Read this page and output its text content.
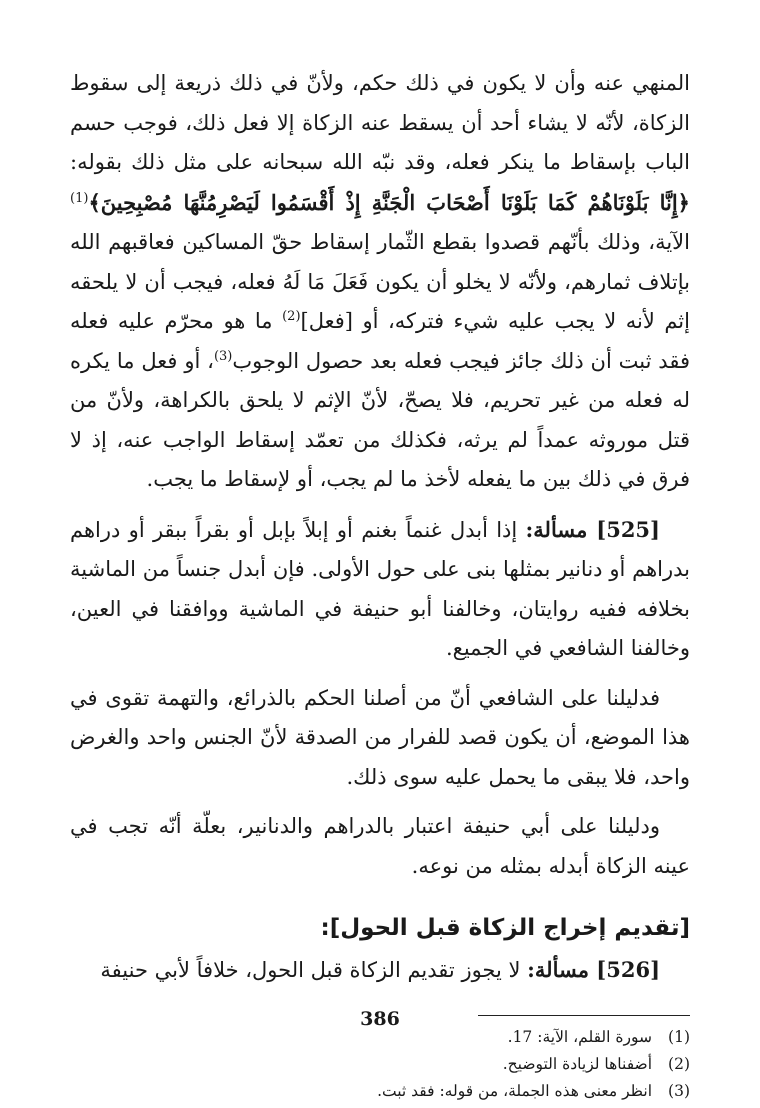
المنهي عنه وأن لا يكون في ذلك حكم، ولأنّ في ذلك ذريعة إلى سقوط الزكاة، لأنّه لا يشاء أحد أن يسقط عنه الزكاة إلا فعل ذلك، فوجب حسم الباب بإسقاط ما ينكر فعله، وقد نبّه الله سبحانه على مثل ذلك بقوله: ﴿إِنَّا بَلَوْنَاهُمْ كَمَا بَلَوْنَا أَصْحَابَ الْجَنَّةِ إِذْ أَقْسَمُوا لَيَصْرِمُنَّهَا مُصْبِحِينَ﴾$^{(1)}$ الآية، وذلك بأنّهم قصدوا بقطع الثّمار إسقاط حقّ المساكين فعاقبهم الله بإتلاف ثمارهم، ولأنّه لا يخلو أن يكون فَعَلَ مَا لَهُ فعله، فيجب أن لا يلحقه إثم لأنه لا يجب عليه شيء فتركه، أو [فعل]$^{(2)}$ ما هو محرّم عليه فعله فقد ثبت أن ذلك جائز فيجب فعله بعد حصول الوجوب$^{(3)}$، أو فعل ما يكره له فعله من غير تحريم، فلا يصحّ، لأنّ الإثم لا يلحق بالكراهة، ولأنّ من قتل موروثه عمداً لم يرثه، فكذلك من تعمّد إسقاط الواجب عنه، إذ لا فرق في ذلك بين ما يفعله لأخذ ما لم يجب، أو لإسقاط ما يجب.

[525] مسألة: إذا أبدل غنماً بغنم أو إبلاً بإبل أو بقراً ببقر أو دراهم بدراهم أو دنانير بمثلها بنى على حول الأولى. فإن أبدل جنساً من الماشية بخلافه ففيه روايتان، وخالفنا أبو حنيفة في الماشية ووافقنا في العين، وخالفنا الشافعي في الجميع.

فدليلنا على الشافعي أنّ من أصلنا الحكم بالذرائع، والتهمة تقوى في هذا الموضع، أن يكون قصد للفرار من الصدقة لأنّ الجنس واحد والغرض واحد، فلا يبقى ما يحمل عليه سوى ذلك.

ودليلنا على أبي حنيفة اعتبار بالدراهم والدنانير، بعلّة أنّه تجب في عينه الزكاة أبدله بمثله من نوعه.

[تقديم إخراج الزكاة قبل الحول]:

[526] مسألة: لا يجوز تقديم الزكاة قبل الحول، خلافاً لأبي حنيفة

(1)
سورة القلم، الآية: 17.
(2)
أضفناها لزيادة التوضيح.
(3)
انظر معنى هذه الجملة، من قوله: فقد ثبت.
386
